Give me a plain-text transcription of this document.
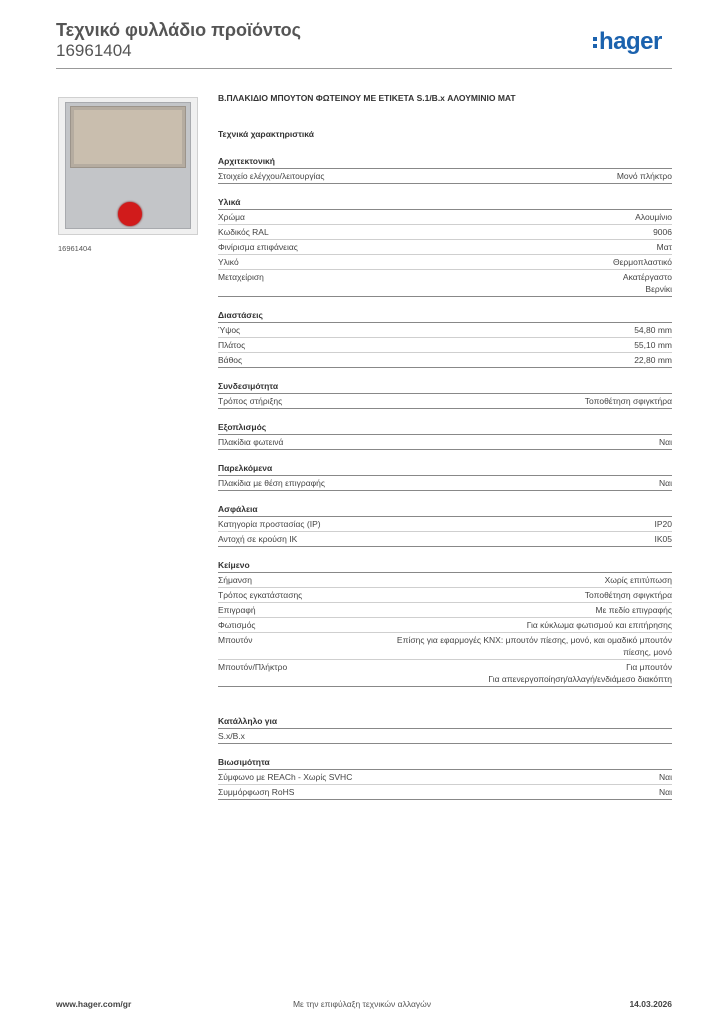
Τεχνικό φυλλάδιο προϊόντος
16961404	hager
16961404
B.ΠΛΑΚΙΔΙΟ ΜΠΟΥΤΟΝ ΦΩΤΕΙΝΟΥ ΜΕ ΕΤΙΚΕΤΑ S.1/B.x ΑΛΟΥΜΙΝΙΟ ΜΑΤ
Τεχνικά χαρακτηριστικά
Αρχιτεκτονική
Στοιχείο ελέγχου/λειτουργίας	Μονό πλήκτρο
Υλικά
Χρώμα	Αλουμίνιο
Κωδικός RAL	9006
Φινίρισμα επιφάνειας	Ματ
Υλικό	Θερμοπλαστικό
Μεταχείριση	Ακατέργαστο
Βερνίκι
Διαστάσεις
Ύψος	54,80 mm
Πλάτος	55,10 mm
Βάθος	22,80 mm
Συνδεσιμότητα
Τρόπος στήριξης	Τοποθέτηση σφιγκτήρα
Εξοπλισμός
Πλακίδια φωτεινά	Ναι
Παρελκόμενα
Πλακίδια με θέση επιγραφής	Ναι
Ασφάλεια
Κατηγορία προστασίας (IP)	IP20
Αντοχή σε κρούση IK	IK05
Κείμενο
Σήμανση	Χωρίς επιτύπωση
Τρόπος εγκατάστασης	Τοποθέτηση σφιγκτήρα
Επιγραφή	Με πεδίο επιγραφής
Φωτισμός	Για κύκλωμα φωτισμού και επιτήρησης
Μπουτόν	Επίσης για εφαρμογές KNX: μπουτόν πίεσης, μονό, και ομαδικό μπουτόν
πίεσης, μονό
Μπουτόν/Πλήκτρο	Για μπουτόν
Για απενεργοποίηση/αλλαγή/ενδιάμεσο διακόπτη
Κατάλληλο για
S.x/B.x
Βιωσιμότητα
Σύμφωνο με REACh - Χωρίς SVHC	Ναι
Συμμόρφωση RoHS	Ναι
www.hager.com/gr	Με την επιφύλαξη τεχνικών αλλαγών	14.03.2026
